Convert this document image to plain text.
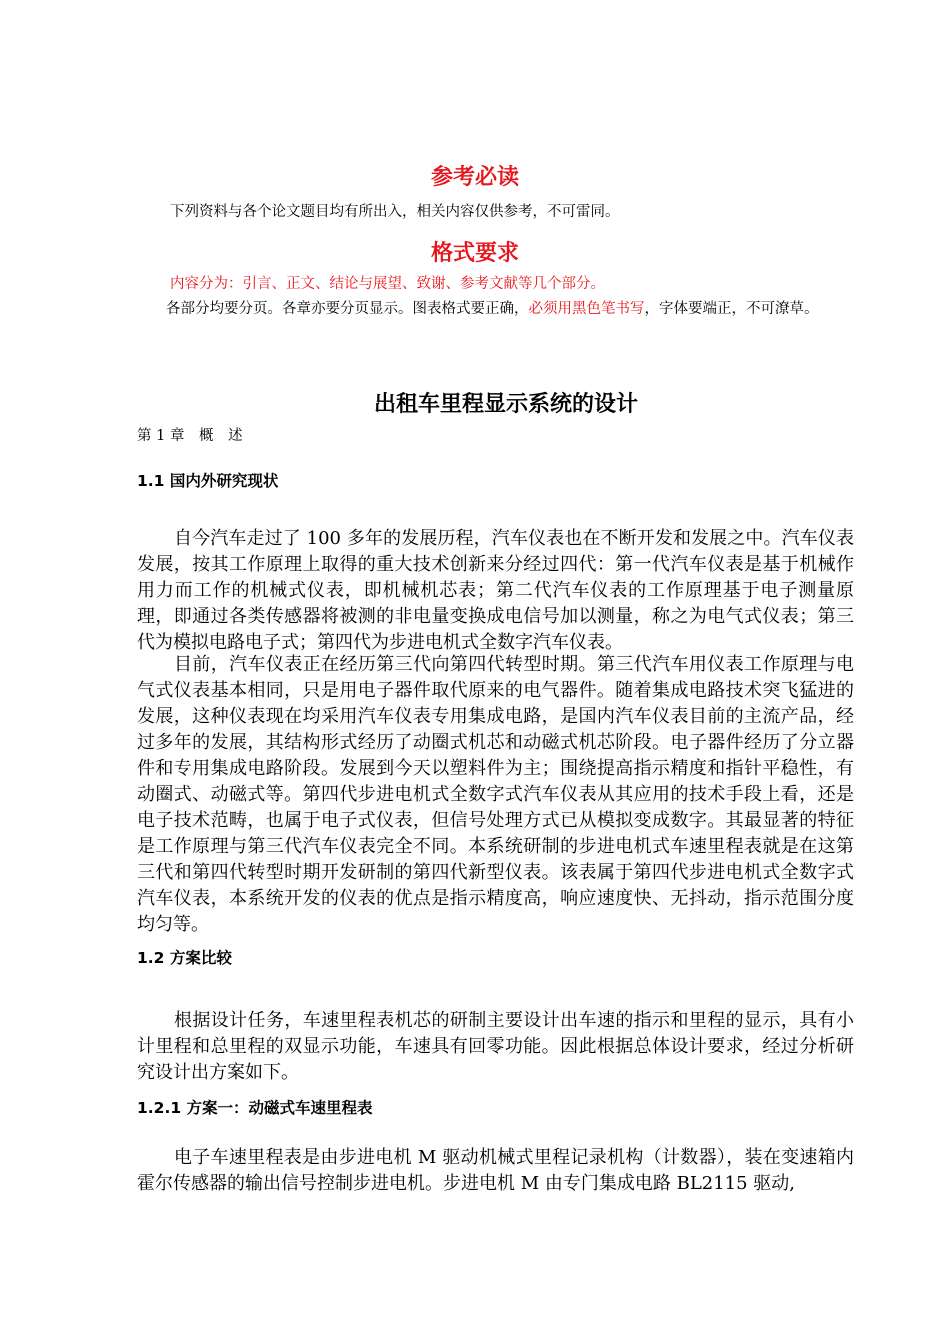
参考必读
下列资料与各个论文题目均有所出入，相关内容仅供参考，不可雷同。
格式要求
内容分为：引言、正文、结论与展望、致谢、参考文献等几个部分。
各部分均要分页。各章亦要分页显示。图表格式要正确，必须用黑色笔书写，字体要端正，不可潦草。
出租车里程显示系统的设计
第 1 章　概　述
1.1 国内外研究现状
自今汽车走过了 100 多年的发展历程，汽车仪表也在不断开发和发展之中。汽车仪表发展，按其工作原理上取得的重大技术创新来分经过四代：第一代汽车仪表是基于机械作用力而工作的机械式仪表，即机械机芯表；第二代汽车仪表的工作原理基于电子测量原理，即通过各类传感器将被测的非电量变换成电信号加以测量，称之为电气式仪表；第三代为模拟电路电子式；第四代为步进电机式全数字汽车仪表。
目前，汽车仪表正在经历第三代向第四代转型时期。第三代汽车用仪表工作原理与电气式仪表基本相同，只是用电子器件取代原来的电气器件。随着集成电路技术突飞猛进的发展，这种仪表现在均采用汽车仪表专用集成电路，是国内汽车仪表目前的主流产品，经过多年的发展，其结构形式经历了动圈式机芯和动磁式机芯阶段。电子器件经历了分立器件和专用集成电路阶段。发展到今天以塑料件为主；围绕提高指示精度和指针平稳性，有动圈式、动磁式等。第四代步进电机式全数字式汽车仪表从其应用的技术手段上看，还是电子技术范畴，也属于电子式仪表，但信号处理方式已从模拟变成数字。其最显著的特征是工作原理与第三代汽车仪表完全不同。本系统研制的步进电机式车速里程表就是在这第三代和第四代转型时期开发研制的第四代新型仪表。该表属于第四代步进电机式全数字式汽车仪表，本系统开发的仪表的优点是指示精度高，响应速度快、无抖动，指示范围分度均匀等。
1.2 方案比较
根据设计任务，车速里程表机芯的研制主要设计出车速的指示和里程的显示，具有小计里程和总里程的双显示功能，车速具有回零功能。因此根据总体设计要求，经过分析研究设计出方案如下。
1.2.1 方案一：动磁式车速里程表
电子车速里程表是由步进电机 M 驱动机械式里程记录机构（计数器），装在变速箱内霍尔传感器的输出信号控制步进电机。步进电机 M 由专门集成电路 BL2115 驱动,
